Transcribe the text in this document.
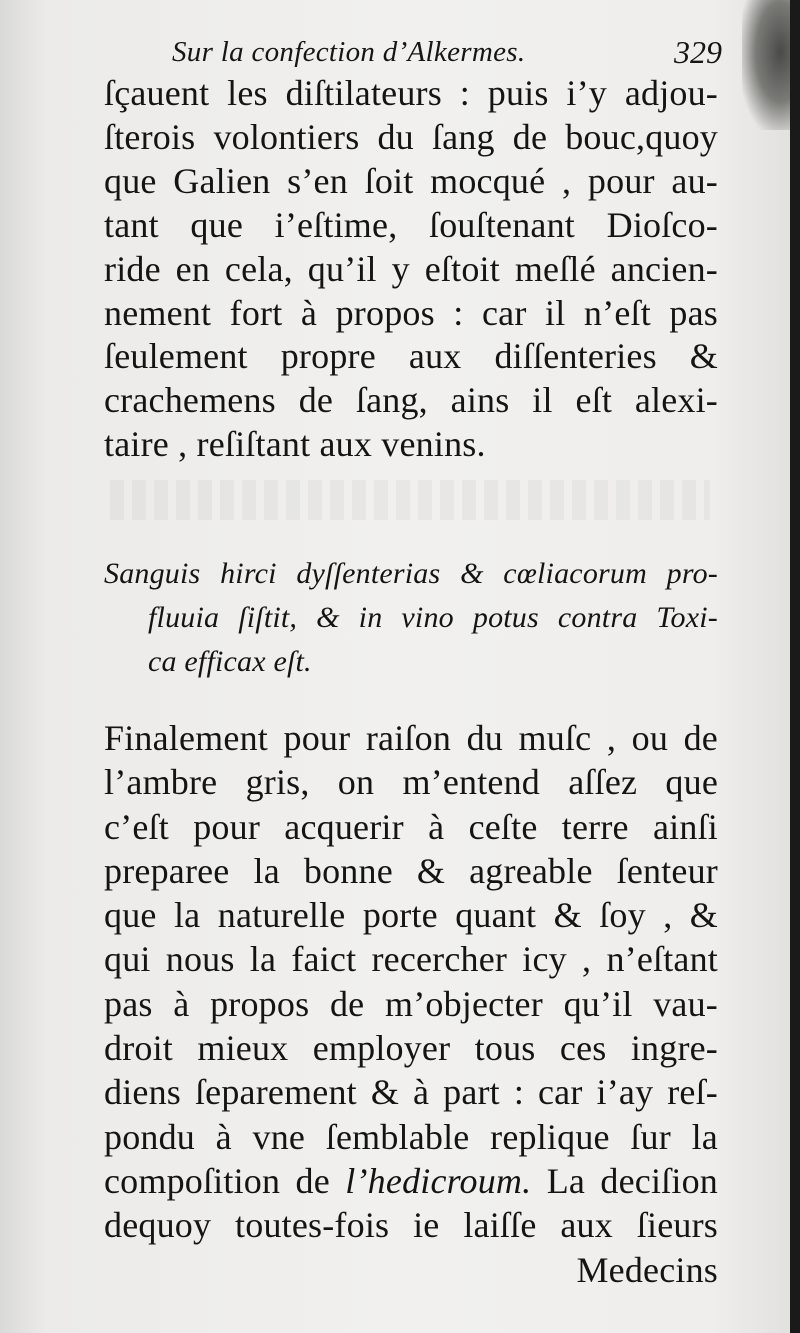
Sur la confection d’Alkermes.	329
ſçauent les diſtilateurs : puis i’y adjou-
ſterois volontiers du ſang de bouc,quoy
que Galien s’en ſoit mocqué , pour au-
tant que i’eſtime, ſouſtenant Dioſco-
ride en cela, qu’il y eſtoit meſlé ancien-
nement fort à propos : car il n’eſt pas
ſeulement propre aux diſſenteries &
crachemens de ſang, ains il eſt alexi-
taire , reſiſtant aux venins.
Sanguis hirci dyſſenterias & cœliacorum pro-
fluuia ſiſtit, & in vino potus contra Toxi-
ca efficax eſt.
Finalement pour raiſon du muſc , ou de
l’ambre gris, on m’entend aſſez que
c’eſt pour acquerir à ceſte terre ainſi
preparee la bonne & agreable ſenteur
que la naturelle porte quant & ſoy , &
qui nous la faict recercher icy , n’eſtant
pas à propos de m’objecter qu’il vau-
droit mieux employer tous ces ingre-
diens ſeparement & à part : car i’ay reſ-
pondu à vne ſemblable replique ſur la
compoſition de l’hedicroum. La deciſion
dequoy toutes-fois ie laiſſe aux ſieurs
Medecins
